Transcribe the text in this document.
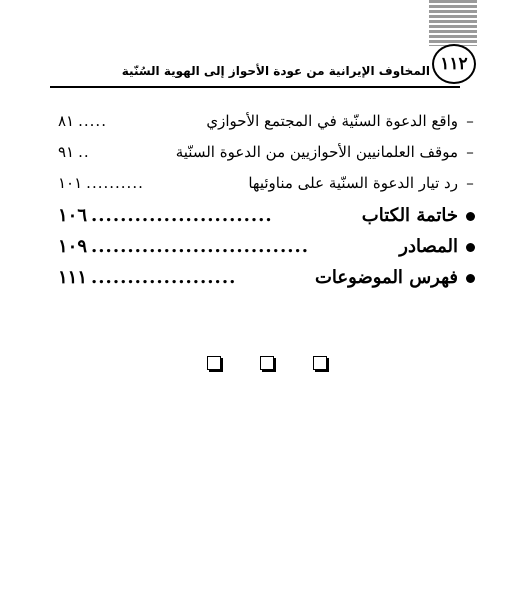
١١٢
المخاوف الإيرانية من عودة الأحواز إلى الهوية السُنّية
–
واقع الدعوة السنّية في المجتمع الأحوازي
.....
٨١
–
موقف العلمانيين الأحوازيين من الدعوة السنّية
..
٩١
–
رد تيار الدعوة السنّية على مناوئيها
..........
١٠١
خاتمة الكتاب
.........................
١٠٦
المصادر
..............................
١٠٩
فهرس الموضوعات
....................
١١١
